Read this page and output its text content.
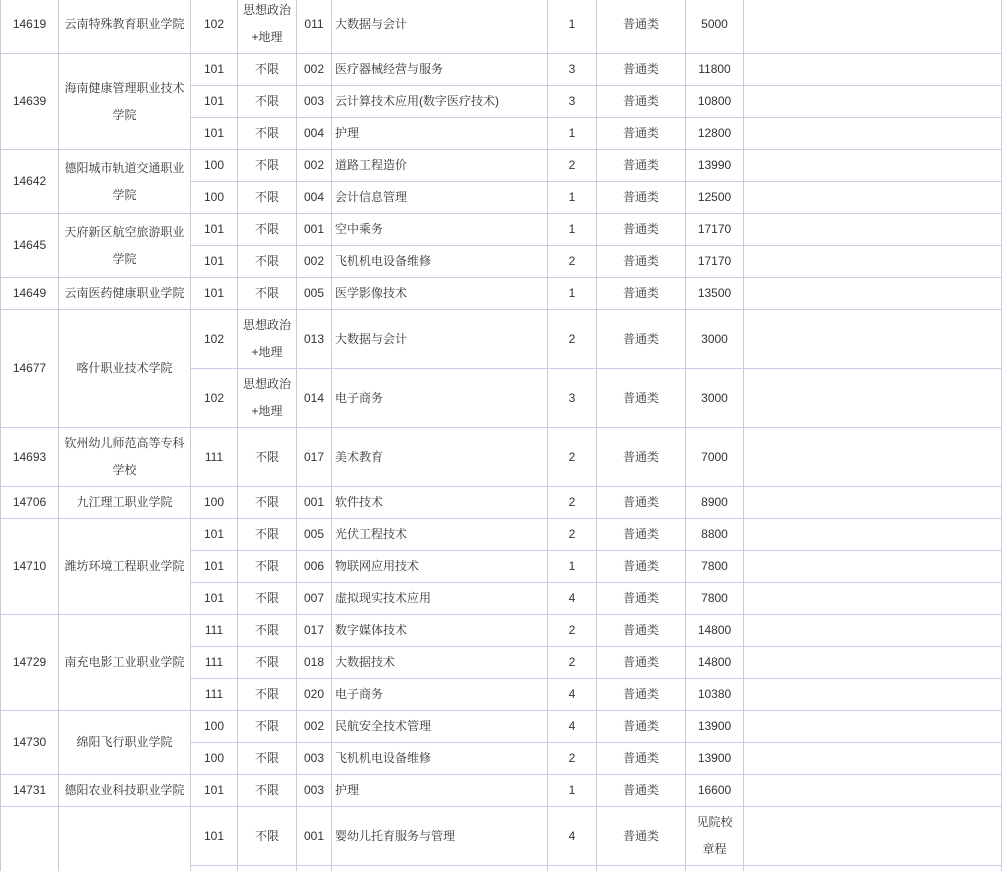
14619	云南特殊教育职业学院	102	思想政治+地理	011	大数据与会计	1	普通类	5000	
14639	海南健康管理职业技术学院	101	不限	002	医疗器械经营与服务	3	普通类	11800	
		101	不限	003	云计算技术应用(数字医疗技术)	3	普通类	10800	
		101	不限	004	护理	1	普通类	12800	
14642	德阳城市轨道交通职业学院	100	不限	002	道路工程造价	2	普通类	13990	
		100	不限	004	会计信息管理	1	普通类	12500	
14645	天府新区航空旅游职业学院	101	不限	001	空中乘务	1	普通类	17170	
		101	不限	002	飞机机电设备维修	2	普通类	17170	
14649	云南医药健康职业学院	101	不限	005	医学影像技术	1	普通类	13500	
14677	喀什职业技术学院	102	思想政治+地理	013	大数据与会计	2	普通类	3000	
		102	思想政治+地理	014	电子商务	3	普通类	3000	
14693	钦州幼儿师范高等专科学校	111	不限	017	美术教育	2	普通类	7000	
14706	九江理工职业学院	100	不限	001	软件技术	2	普通类	8900	
14710	潍坊环境工程职业学院	101	不限	005	光伏工程技术	2	普通类	8800	
		101	不限	006	物联网应用技术	1	普通类	7800	
		101	不限	007	虚拟现实技术应用	4	普通类	7800	
14729	南充电影工业职业学院	111	不限	017	数字媒体技术	2	普通类	14800	
		111	不限	018	大数据技术	2	普通类	14800	
		111	不限	020	电子商务	4	普通类	10380	
14730	绵阳飞行职业学院	100	不限	002	民航安全技术管理	4	普通类	13900	
		100	不限	003	飞机机电设备维修	2	普通类	13900	
14731	德阳农业科技职业学院	101	不限	003	护理	1	普通类	16600	
		101	不限	001	婴幼儿托育服务与管理	4	普通类	见院校章程	
